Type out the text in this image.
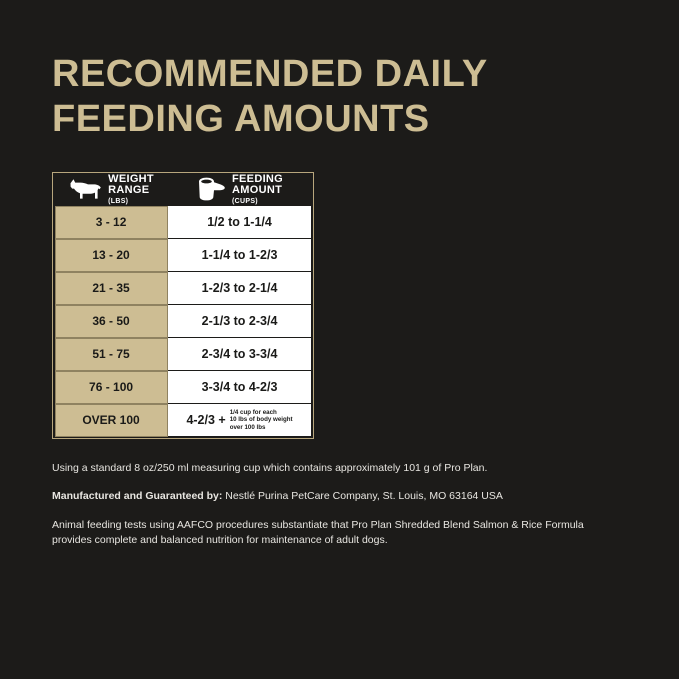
RECOMMENDED DAILY
FEEDING AMOUNTS
WEIGHT
RANGE
(LBS)	FEEDING
AMOUNT
(CUPS)

3 - 12	1/2 to 1-1/4
13 - 20	1-1/4 to 1-2/3
21 - 35	1-2/3 to 2-1/4
36 - 50	2-1/3 to 2-3/4
51 - 75	2-3/4 to 3-3/4
76 - 100	3-3/4 to 4-2/3
OVER 100	4-2/3 +
1/4 cup for each
10 lbs of body weight
over 100 lbs

Using a standard 8 oz/250 ml measuring cup which contains approximately 101 g of Pro Plan.

Manufactured and Guaranteed by: Nestlé Purina PetCare Company, St. Louis, MO 63164 USA

Animal feeding tests using AAFCO procedures substantiate that Pro Plan Shredded Blend Salmon & Rice Formula provides complete and balanced nutrition for maintenance of adult dogs.
